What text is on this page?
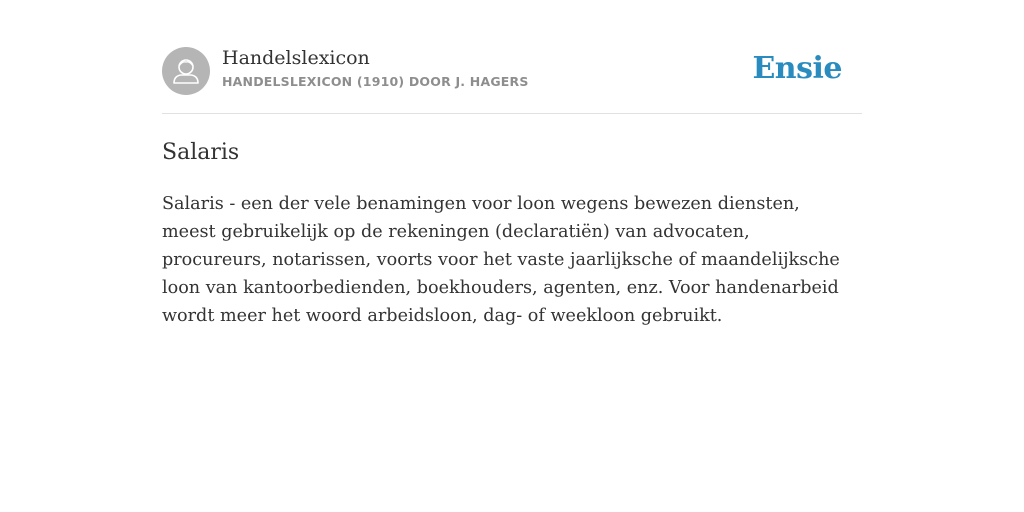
Handelslexicon
HANDELSLEXICON (1910) DOOR J. HAGERS	Ensie
Salaris

Salaris - een der vele benamingen voor loon wegens bewezen diensten, meest gebruikelijk op de rekeningen (declaratiën) van advocaten, procureurs, notarissen, voorts voor het vaste jaarlijksche of maandelijksche loon van kantoorbedienden, boekhouders, agenten, enz. Voor handenarbeid wordt meer het woord arbeidsloon, dag- of weekloon gebruikt.
